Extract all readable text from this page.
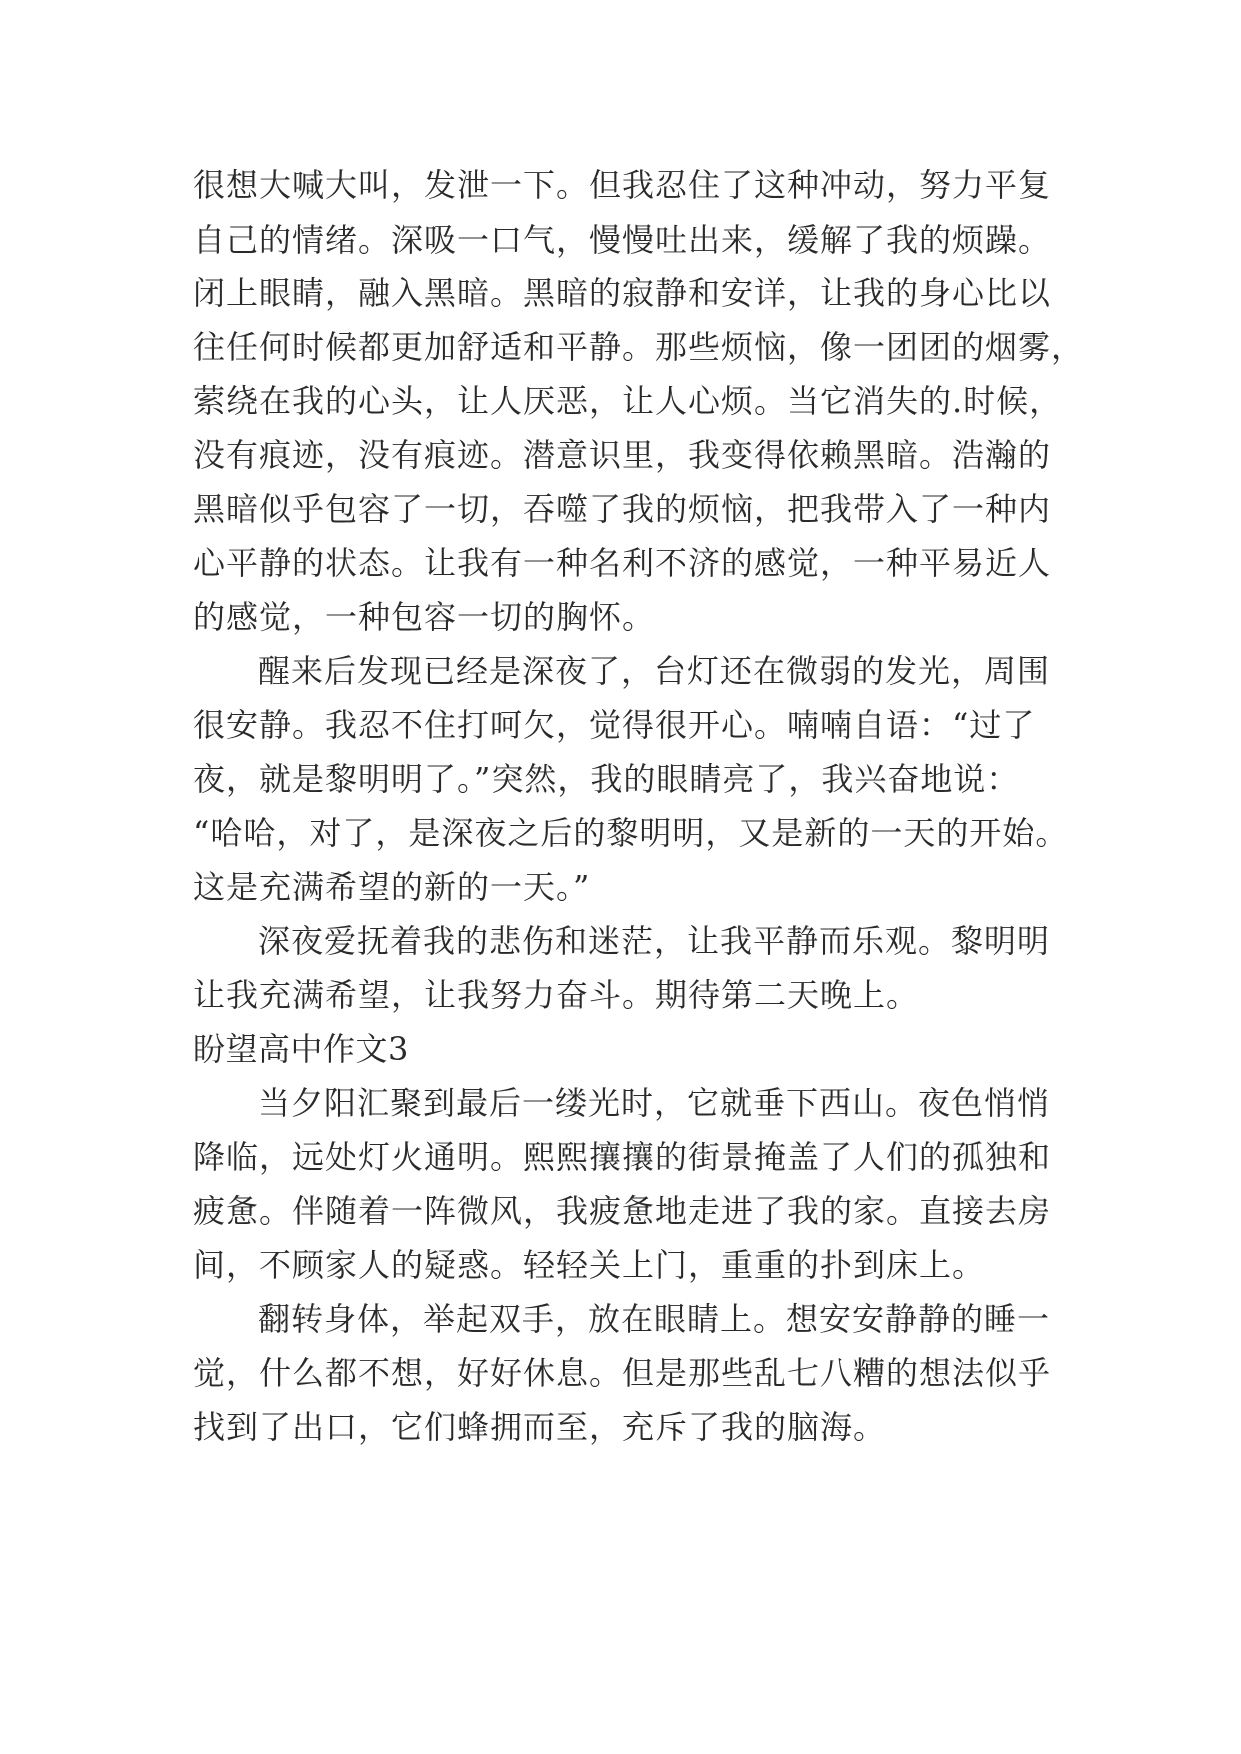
很想大喊大叫，发泄一下。但我忍住了这种冲动，努力平复
自己的情绪。深吸一口气，慢慢吐出来，缓解了我的烦躁。
闭上眼睛，融入黑暗。黑暗的寂静和安详，让我的身心比以
往任何时候都更加舒适和平静。那些烦恼，像一团团的烟雾，
萦绕在我的心头，让人厌恶，让人心烦。当它消失的.时候，
没有痕迹，没有痕迹。潜意识里，我变得依赖黑暗。浩瀚的
黑暗似乎包容了一切，吞噬了我的烦恼，把我带入了一种内
心平静的状态。让我有一种名利不济的感觉，一种平易近人
的感觉，一种包容一切的胸怀。
醒来后发现已经是深夜了，台灯还在微弱的发光，周围
很安静。我忍不住打呵欠，觉得很开心。喃喃自语：“过了
夜，就是黎明明了。”突然，我的眼睛亮了，我兴奋地说：
“哈哈，对了，是深夜之后的黎明明，又是新的一天的开始。
这是充满希望的新的一天。”
深夜爱抚着我的悲伤和迷茫，让我平静而乐观。黎明明
让我充满希望，让我努力奋斗。期待第二天晚上。
盼望高中作文3
当夕阳汇聚到最后一缕光时，它就垂下西山。夜色悄悄
降临，远处灯火通明。熙熙攘攘的街景掩盖了人们的孤独和
疲惫。伴随着一阵微风，我疲惫地走进了我的家。直接去房
间，不顾家人的疑惑。轻轻关上门，重重的扑到床上。
翻转身体，举起双手，放在眼睛上。想安安静静的睡一
觉，什么都不想，好好休息。但是那些乱七八糟的想法似乎
找到了出口，它们蜂拥而至，充斥了我的脑海。
